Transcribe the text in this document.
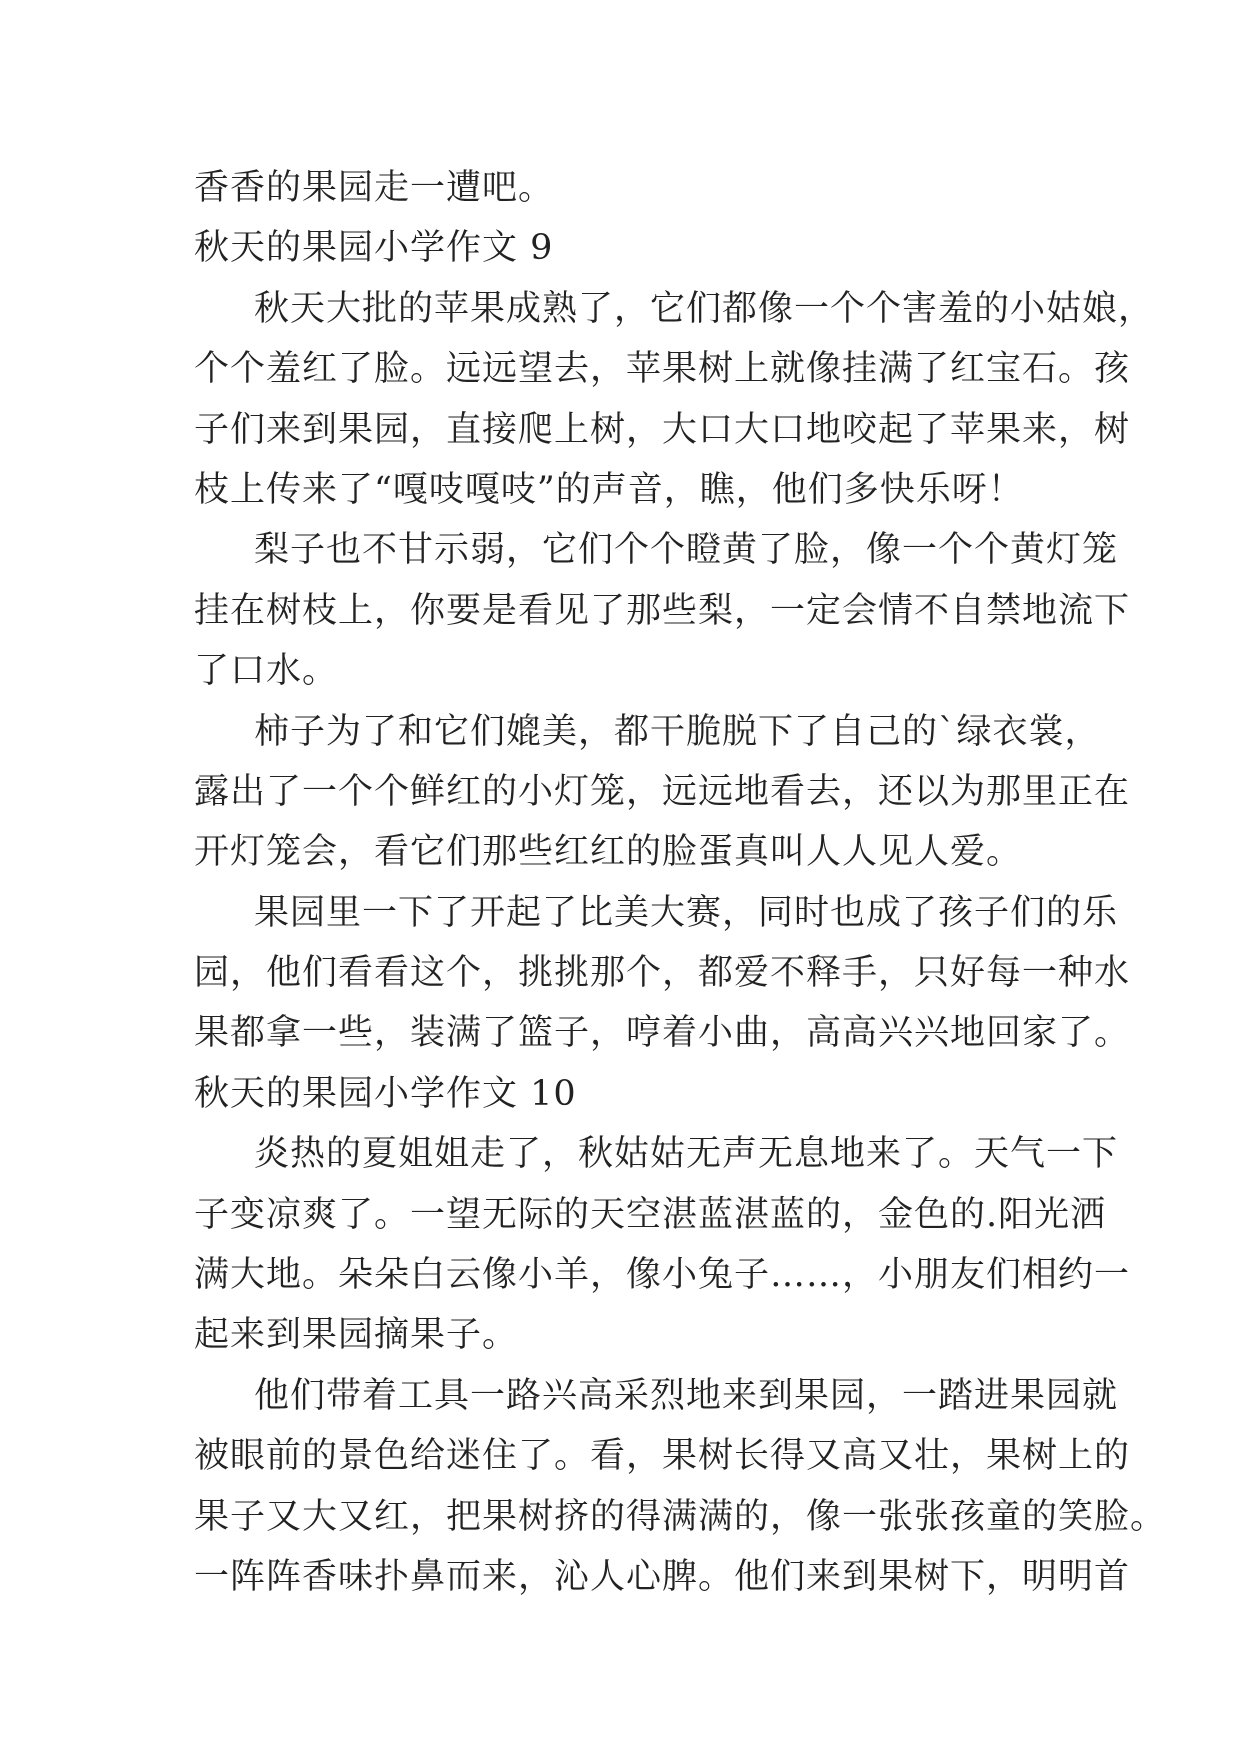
香香的果园走一遭吧。
秋天的果园小学作文 9
秋天大批的苹果成熟了，它们都像一个个害羞的小姑娘，
个个羞红了脸。远远望去，苹果树上就像挂满了红宝石。孩
子们来到果园，直接爬上树，大口大口地咬起了苹果来，树
枝上传来了“嘎吱嘎吱”的声音，瞧，他们多快乐呀！
梨子也不甘示弱，它们个个瞪黄了脸，像一个个黄灯笼
挂在树枝上，你要是看见了那些梨，一定会情不自禁地流下
了口水。
柿子为了和它们媲美，都干脆脱下了自己的`绿衣裳，
露出了一个个鲜红的小灯笼，远远地看去，还以为那里正在
开灯笼会，看它们那些红红的脸蛋真叫人人见人爱。
果园里一下了开起了比美大赛，同时也成了孩子们的乐
园，他们看看这个，挑挑那个，都爱不释手，只好每一种水
果都拿一些，装满了篮子，哼着小曲，高高兴兴地回家了。
秋天的果园小学作文 10
炎热的夏姐姐走了，秋姑姑无声无息地来了。天气一下
子变凉爽了。一望无际的天空湛蓝湛蓝的，金色的.阳光洒
满大地。朵朵白云像小羊，像小兔子……，小朋友们相约一
起来到果园摘果子。
他们带着工具一路兴高采烈地来到果园，一踏进果园就
被眼前的景色给迷住了。看，果树长得又高又壮，果树上的
果子又大又红，把果树挤的得满满的，像一张张孩童的笑脸。
一阵阵香味扑鼻而来，沁人心脾。他们来到果树下，明明首
